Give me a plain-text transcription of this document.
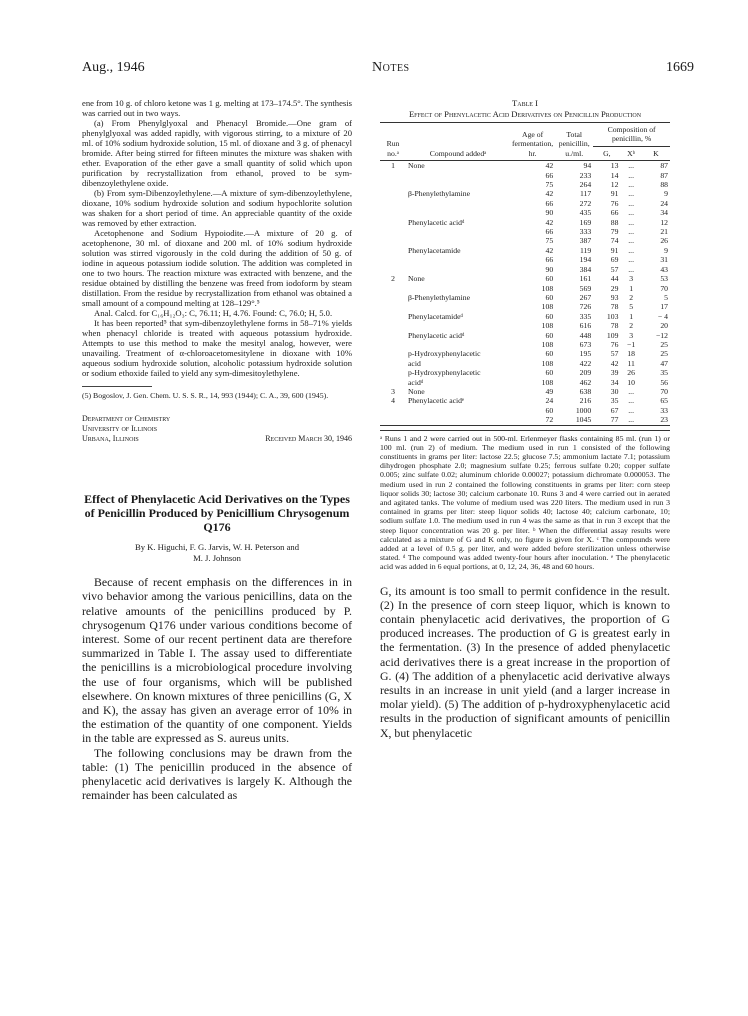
Aug., 1946	Notes	1669

ene from 10 g. of chloro ketone was 1 g. melting at 173–174.5°. The synthesis was carried out in two ways.

(a) From Phenylglyoxal and Phenacyl Bromide.—One gram of phenylglyoxal was added rapidly, with vigorous stirring, to a mixture of 20 ml. of 10% sodium hydroxide solution, 15 ml. of dioxane and 3 g. of phenacyl bromide. After being stirred for fifteen minutes the mixture was shaken with ether. Evaporation of the ether gave a small quantity of solid which upon purification by recrystallization from ethanol, proved to be sym-dibenzoylethylene oxide.

(b) From sym-Dibenzoylethylene.—A mixture of sym-dibenzoylethylene, dioxane, 10% sodium hydroxide solution and sodium hypochlorite solution was shaken for a short period of time. An appreciable quantity of the oxide was removed by ether extraction.

Acetophenone and Sodium Hypoiodite.—A mixture of 20 g. of acetophenone, 30 ml. of dioxane and 200 ml. of 10% sodium hydroxide solution was stirred vigorously in the cold during the addition of 50 g. of iodine in aqueous potassium iodide solution. The addition was completed in one to two hours. The reaction mixture was extracted with benzene, and the residue obtained by distilling the benzene was freed from iodoform by steam distillation. From the residue by recrystallization from ethanol was obtained a small amount of a compound melting at 128–129°.⁵

Anal. Calcd. for C₁₆H₁₂O₃: C, 76.11; H, 4.76. Found: C, 76.0; H, 5.0.

It has been reported⁵ that sym-dibenzoylethylene forms in 58–71% yields when phenacyl chloride is treated with aqueous potassium hydroxide. Attempts to use this method to make the mesityl analog, however, were unavailing. Treatment of α-chloroacetomesitylene in dioxane with 10% aqueous sodium hydroxide solution, alcoholic potassium hydroxide solution or sodium ethoxide failed to yield any sym-dimesitoylethylene.

(5) Bogoslov, J. Gen. Chem. U. S. S. R., 14, 993 (1944); C. A., 39, 600 (1945).

Department of Chemistry
University of Illinois
Urbana, Illinois	Received March 30, 1946
Effect of Phenylacetic Acid Derivatives on the Types of Penicillin Produced by Penicillium Chrysogenum Q176
By K. Higuchi, F. G. Jarvis, W. H. Peterson and
M. J. Johnson

Because of recent emphasis on the differences in in vivo behavior among the various penicillins, data on the relative amounts of the penicillins produced by P. chrysogenum Q176 under various conditions become of interest. Some of our recent pertinent data are therefore summarized in Table I. The assay used to differentiate the penicillins is a microbiological procedure involving the use of four organisms, which will be published elsewhere. On known mixtures of three penicillins (G, X and K), the assay has given an average error of 10% in the estimation of the quantity of one component. Yields in the table are expressed as S. aureus units.

The following conclusions may be drawn from the table: (1) The penicillin produced in the absence of phenylacetic acid derivatives is largely K. Although the remainder has been calculated as

Table I
Effect of Phenylacetic Acid Derivatives on Penicillin Production
Run no.ᵃ	Compound addedᵃ	Age of fermentation, hr.	Total penicillin, u./ml.	Composition of penicillin, %		
				G,	Xᵇ	K
1	None	42	94	13	...	87
		66	233	14	...	87
		75	264	12	...	88
	β-Phenylethylamine	42	117	91	...	9
		66	272	76	...	24
		90	435	66	...	34
	Phenylacetic acidᵈ	42	169	88	...	12
		66	333	79	...	21
		75	387	74	...	26
	Phenylacetamide	42	119	91	...	9
		66	194	69	...	31
		90	384	57	...	43
2	None	60	161	44	3	53
		108	569	29	1	70
	β-Phenylethylamine	60	267	93	2	5
		108	726	78	5	17
	Phenylacetamideᵈ	60	335	103	1	− 4
		108	616	78	2	20
	Phenylacetic acidᵈ	60	448	109	3	−12
		108	673	76	−1	25
	p-Hydroxyphenylacetic	60	195	57	18	25
	acid	108	422	42	11	47
	p-Hydroxyphenylacetic	60	209	39	26	35
	acidᵈ	108	462	34	10	56
3	None	49	638	30	...	70
4	Phenylacetic acidᵉ	24	216	35	...	65
		60	1000	67	...	33
		72	1045	77	...	23

ᵃ Runs 1 and 2 were carried out in 500-ml. Erlenmeyer flasks containing 85 ml. (run 1) or 100 ml. (run 2) of medium. The medium used in run 1 consisted of the following constituents in grams per liter: lactose 22.5; glucose 7.5; ammonium lactate 7.1; potassium dihydrogen phosphate 2.0; magnesium sulfate 0.25; ferrous sulfate 0.20; copper sulfate 0.005; zinc sulfate 0.02; aluminum chloride 0.00027; potassium dichromate 0.000053. The medium used in run 2 contained the following constituents in grams per liter: corn steep liquor solids 30; lactose 30; calcium carbonate 10. Runs 3 and 4 were carried out in aerated and agitated tanks. The volume of medium used was 220 liters. The medium used in run 3 contained in grams per liter: steep liquor solids 40; lactose 40; calcium carbonate, 10; sodium sulfate 1.0. The medium used in run 4 was the same as that in run 3 except that the steep liquor concentration was 20 g. per liter. ᵇ When the differential assay results were calculated as a mixture of G and K only, no figure is given for X. ᶜ The compounds were added at a level of 0.5 g. per liter, and were added before sterilization unless otherwise stated. ᵈ The compound was added twenty-four hours after inoculation. ᵉ The phenylacetic acid was added in 6 equal portions, at 0, 12, 24, 36, 48 and 60 hours.

G, its amount is too small to permit confidence in the result. (2) In the presence of corn steep liquor, which is known to contain phenylacetic acid derivatives, the proportion of G produced increases. The production of G is greatest early in the fermentation. (3) In the presence of added phenylacetic acid derivatives there is a great increase in the proportion of G. (4) The addition of a phenylacetic acid derivative always results in an increase in unit yield (and a larger increase in molar yield). (5) The addition of p-hydroxyphenylacetic acid results in the production of significant amounts of penicillin X, but phenylacetic
